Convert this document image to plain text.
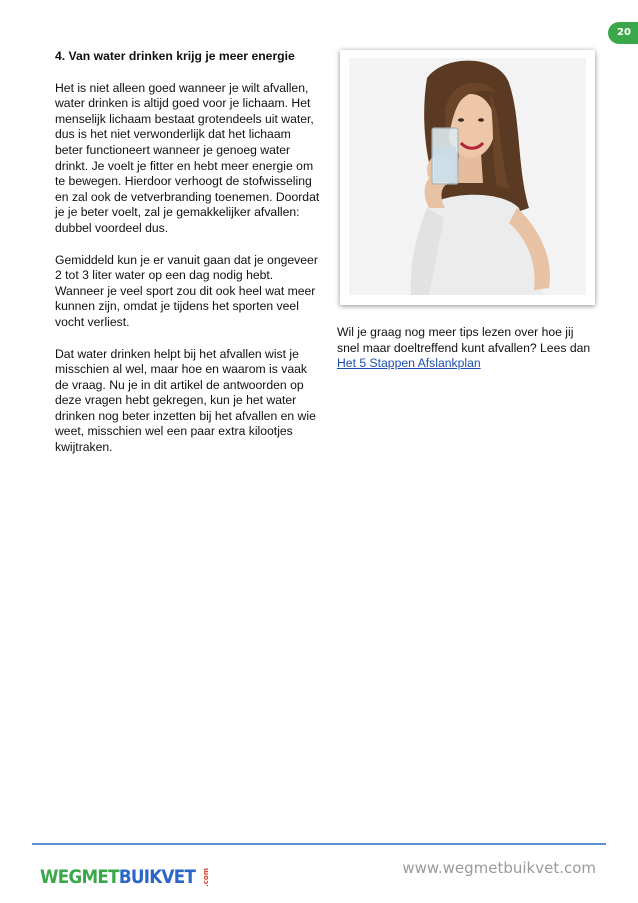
20
4. Van water drinken krijg je meer energie

Het is niet alleen goed wanneer je wilt afvallen, water drinken is altijd goed voor je lichaam. Het menselijk lichaam bestaat grotendeels uit water, dus is het niet verwonderlijk dat het lichaam beter functioneert wanneer je genoeg water drinkt. Je voelt je fitter en hebt meer energie om te bewegen. Hierdoor verhoogt de stofwisseling en zal ook de vetverbranding toenemen. Doordat je je beter voelt, zal je gemakkelijker afvallen: dubbel voordeel dus.

Gemiddeld kun je er vanuit gaan dat je ongeveer 2 tot 3 liter water op een dag nodig hebt. Wanneer je veel sport zou dit ook heel wat meer kunnen zijn, omdat je tijdens het sporten veel vocht verliest.

Dat water drinken helpt bij het afvallen wist je misschien al wel, maar hoe en waarom is vaak de vraag. Nu je in dit artikel de antwoorden op deze vragen hebt gekregen, kun je het water drinken nog beter inzetten bij het afvallen en wie weet, misschien wel een paar extra kilootjes kwijtraken.

Wil je graag nog meer tips lezen over hoe jij snel maar doeltreffend kunt afvallen? Lees dan Het 5 Stappen Afslankplan
WEGMETBUIKVET .com
www.wegmetbuikvet.com
